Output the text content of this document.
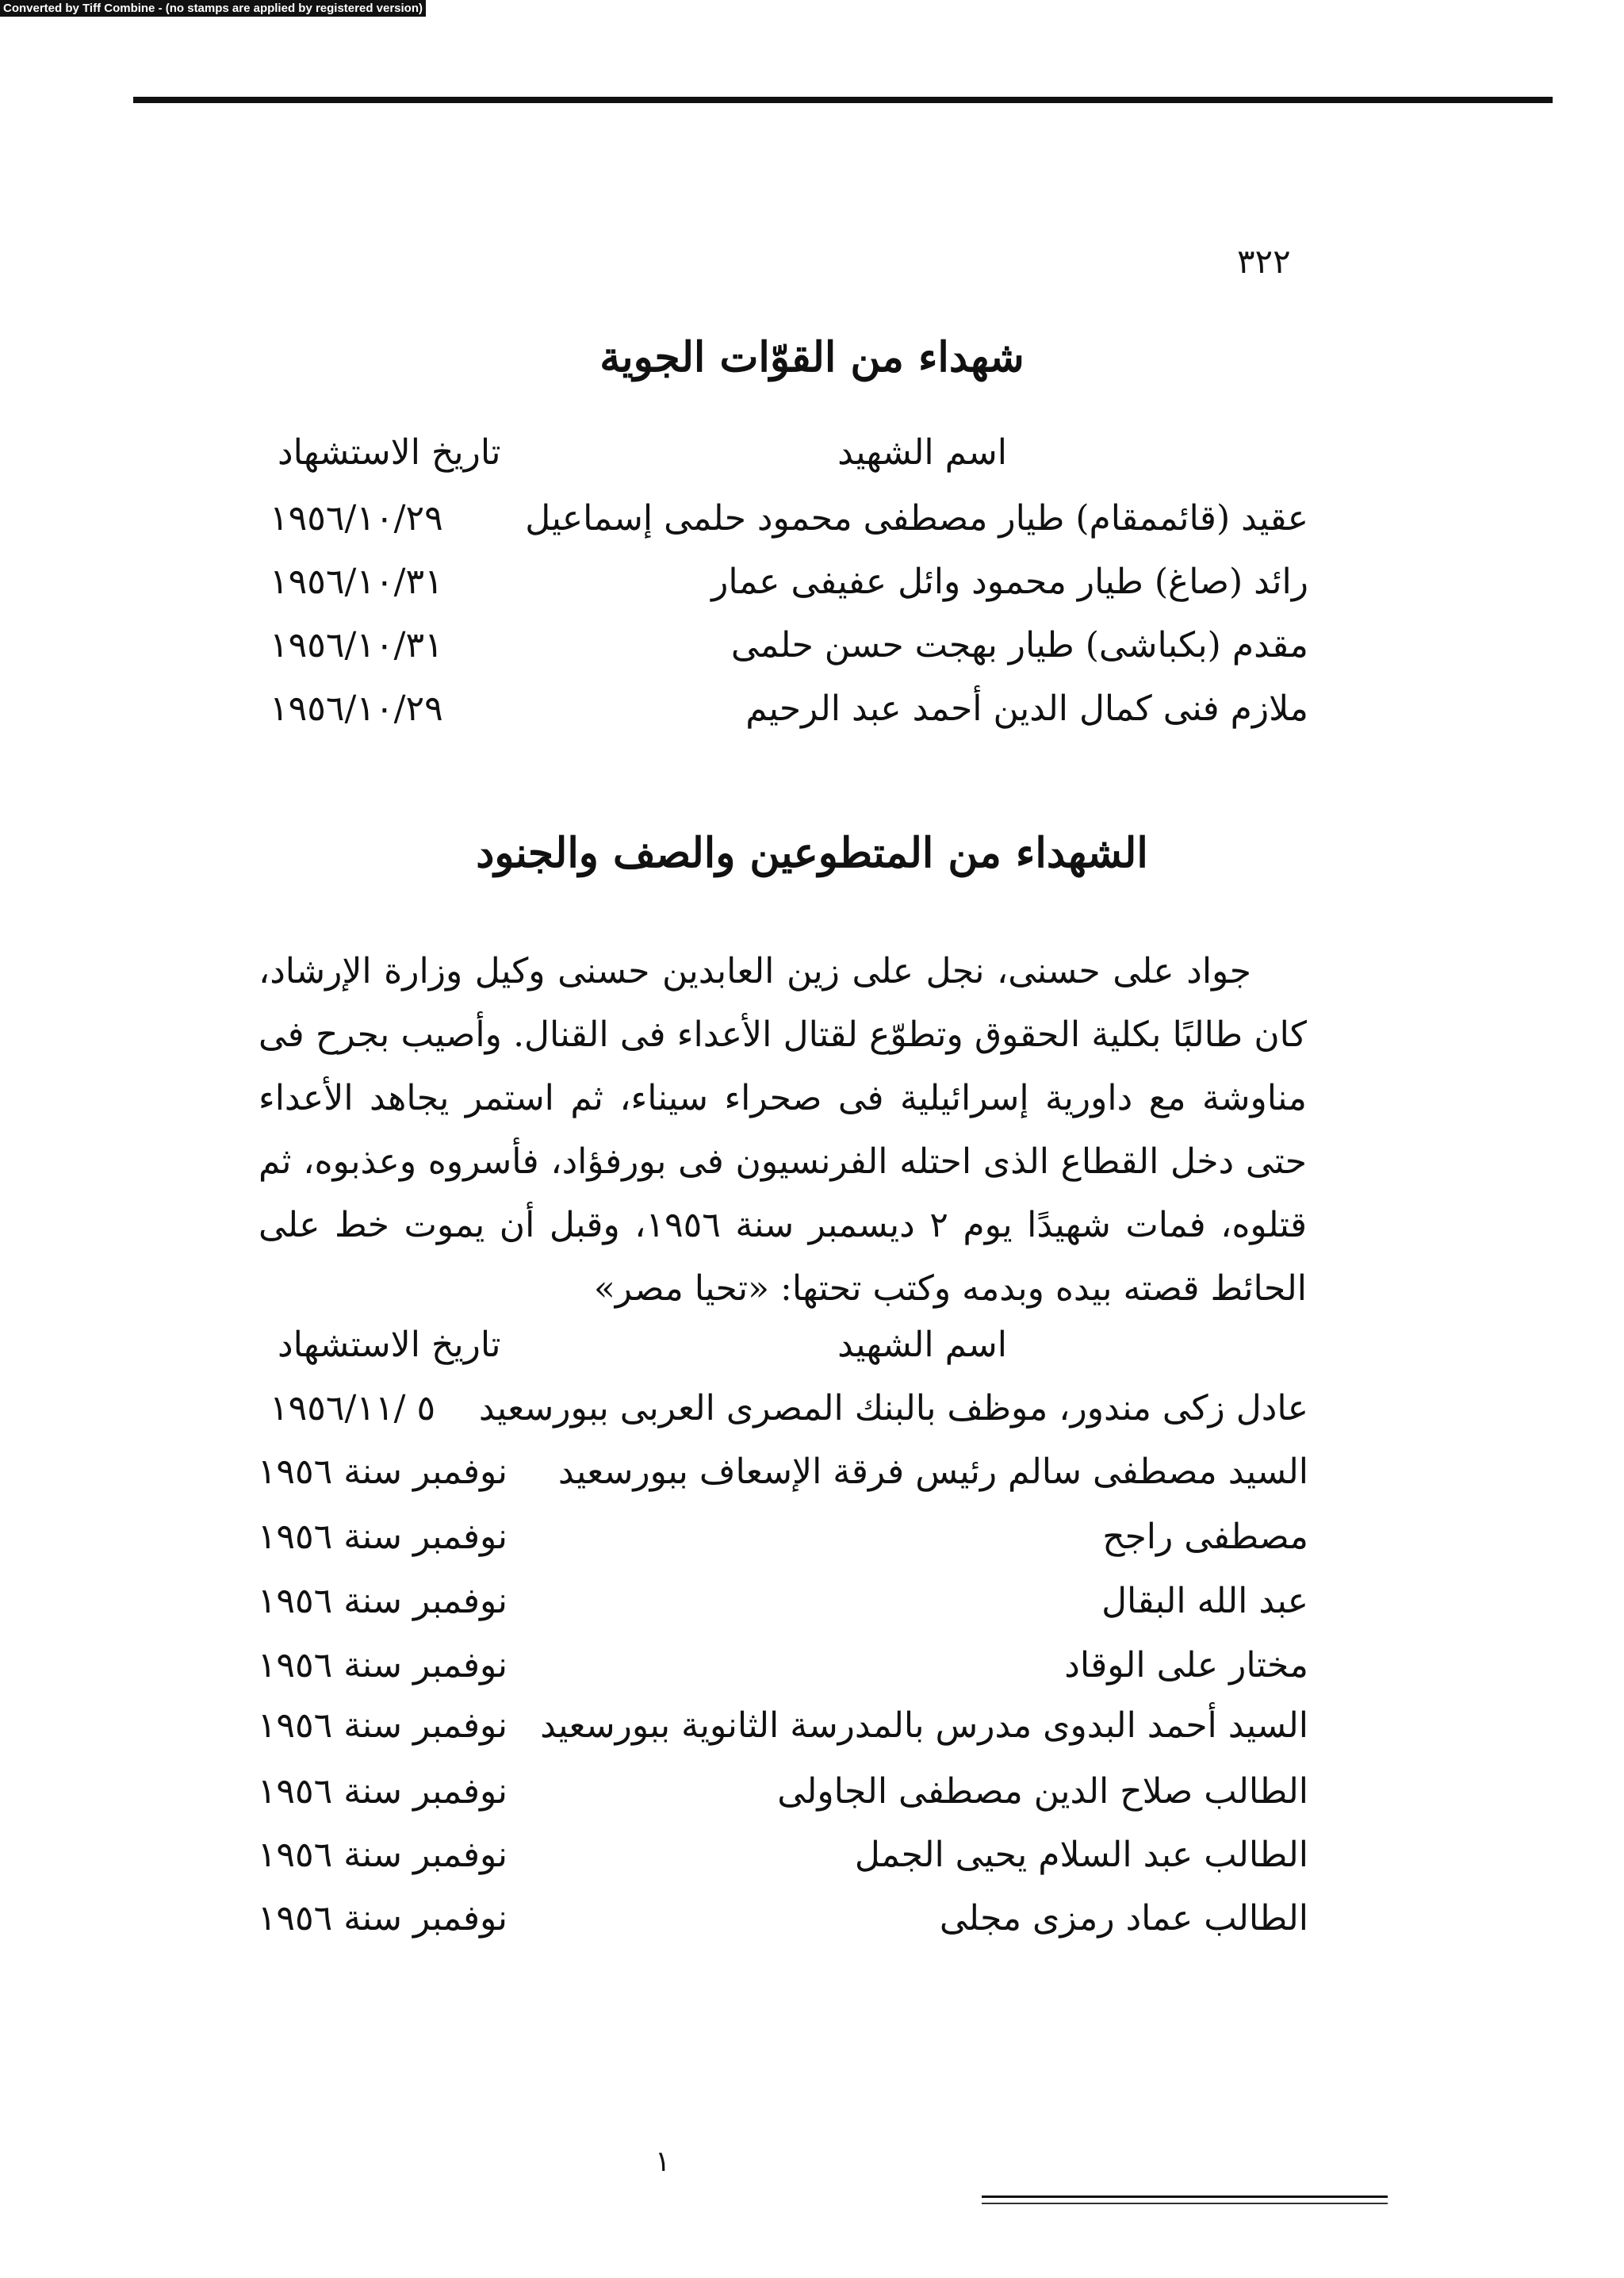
Converted by Tiff Combine - (no stamps are applied by registered version)
٣٢٢
شهداء من القوّات الجوية
اسم الشهيد
تاريخ الاستشهاد
عقيد (قائممقام) طيار مصطفى محمود حلمى إسماعيل
١٩٥٦/١٠/٢٩
رائد (صاغ) طيار محمود وائل عفيفى عمار
١٩٥٦/١٠/٣١
مقدم (بكباشى) طيار بهجت حسن حلمى
١٩٥٦/١٠/٣١
ملازم فنى كمال الدين أحمد عبد الرحيم
١٩٥٦/١٠/٢٩
الشهداء من المتطوعين والصف والجنود

جواد على حسنى، نجل على زين العابدين حسنى وكيل وزارة الإرشاد، كان طالبًا بكلية الحقوق وتطوّع لقتال الأعداء فى القنال. وأصيب بجرح فى مناوشة مع داورية إسرائيلية فى صحراء سيناء، ثم استمر يجاهد الأعداء حتى دخل القطاع الذى احتله الفرنسيون فى بورفؤاد، فأسروه وعذبوه، ثم قتلوه، فمات شهيدًا يوم ٢ ديسمبر سنة ١٩٥٦، وقبل أن يموت خط على الحائط قصته بيده وبدمه وكتب تحتها: «تحيا مصر»

اسم الشهيد
تاريخ الاستشهاد
عادل زكى مندور، موظف بالبنك المصرى العربى ببورسعيد
٥ /١٩٥٦/١١
السيد مصطفى سالم رئيس فرقة الإسعاف ببورسعيد
نوفمبر سنة ١٩٥٦
مصطفى راجح
نوفمبر سنة ١٩٥٦
عبد الله البقال
نوفمبر سنة ١٩٥٦
مختار على الوقاد
نوفمبر سنة ١٩٥٦
السيد أحمد البدوى مدرس بالمدرسة الثانوية ببورسعيد
نوفمبر سنة ١٩٥٦
الطالب صلاح الدين مصطفى الجاولى
نوفمبر سنة ١٩٥٦
الطالب عبد السلام يحيى الجمل
نوفمبر سنة ١٩٥٦
الطالب عماد رمزى مجلى
نوفمبر سنة ١٩٥٦
١
